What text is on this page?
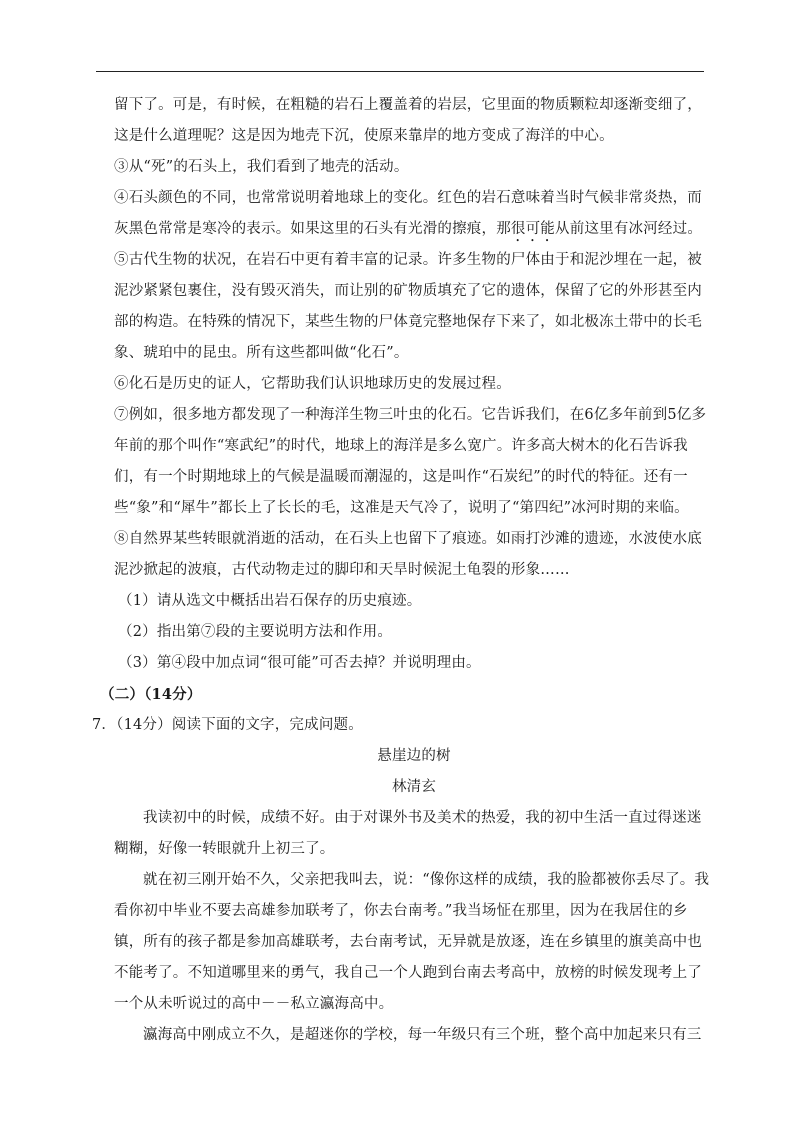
留下了。可是，有时候，在粗糙的岩石上覆盖着的岩层，它里面的物质颗粒却逐渐变细了，这是什么道理呢？这是因为地壳下沉，使原来靠岸的地方变成了海洋的中心。

③从“死”的石头上，我们看到了地壳的活动。

④石头颜色的不同，也常常说明着地球上的变化。红色的岩石意味着当时气候非常炎热，而灰黑色常常是寒冷的表示。如果这里的石头有光滑的擦痕，那很可能从前这里有冰河经过。

⑤古代生物的状况，在岩石中更有着丰富的记录。许多生物的尸体由于和泥沙埋在一起，被泥沙紧紧包裹住，没有毁灭消失，而让别的矿物质填充了它的遗体，保留了它的外形甚至内部的构造。在特殊的情况下，某些生物的尸体竟完整地保存下来了，如北极冻土带中的长毛象、琥珀中的昆虫。所有这些都叫做“化石”。

⑥化石是历史的证人，它帮助我们认识地球历史的发展过程。

⑦例如，很多地方都发现了一种海洋生物三叶虫的化石。它告诉我们，在6亿多年前到5亿多年前的那个叫作“寒武纪”的时代，地球上的海洋是多么宽广。许多高大树木的化石告诉我们，有一个时期地球上的气候是温暖而潮湿的，这是叫作“石炭纪”的时代的特征。还有一些“象”和“犀牛”都长上了长长的毛，这准是天气冷了，说明了“第四纪”冰河时期的来临。

⑧自然界某些转眼就消逝的活动，在石头上也留下了痕迹。如雨打沙滩的遗迹，水波使水底泥沙掀起的波痕，古代动物走过的脚印和天旱时候泥土龟裂的形象……

（1）请从选文中概括出岩石保存的历史痕迹。

（2）指出第⑦段的主要说明方法和作用。

（3）第④段中加点词“很可能”可否去掉？并说明理由。

（二）（14分）

7．（14分）阅读下面的文字，完成问题。

悬崖边的树

林清玄

我读初中的时候，成绩不好。由于对课外书及美术的热爱，我的初中生活一直过得迷迷糊糊，好像一转眼就升上初三了。

就在初三刚开始不久，父亲把我叫去，说：“像你这样的成绩，我的脸都被你丢尽了。我看你初中毕业不要去高雄参加联考了，你去台南考。”我当场怔在那里，因为在我居住的乡镇，所有的孩子都是参加高雄联考，去台南考试，无异就是放逐，连在乡镇里的旗美高中也不能考了。不知道哪里来的勇气，我自己一个人跑到台南去考高中，放榜的时候发现考上了一个从未听说过的高中－－私立瀛海高中。

瀛海高中刚成立不久，是超迷你的学校，每一年级只有三个班，整个高中加起来只有三
